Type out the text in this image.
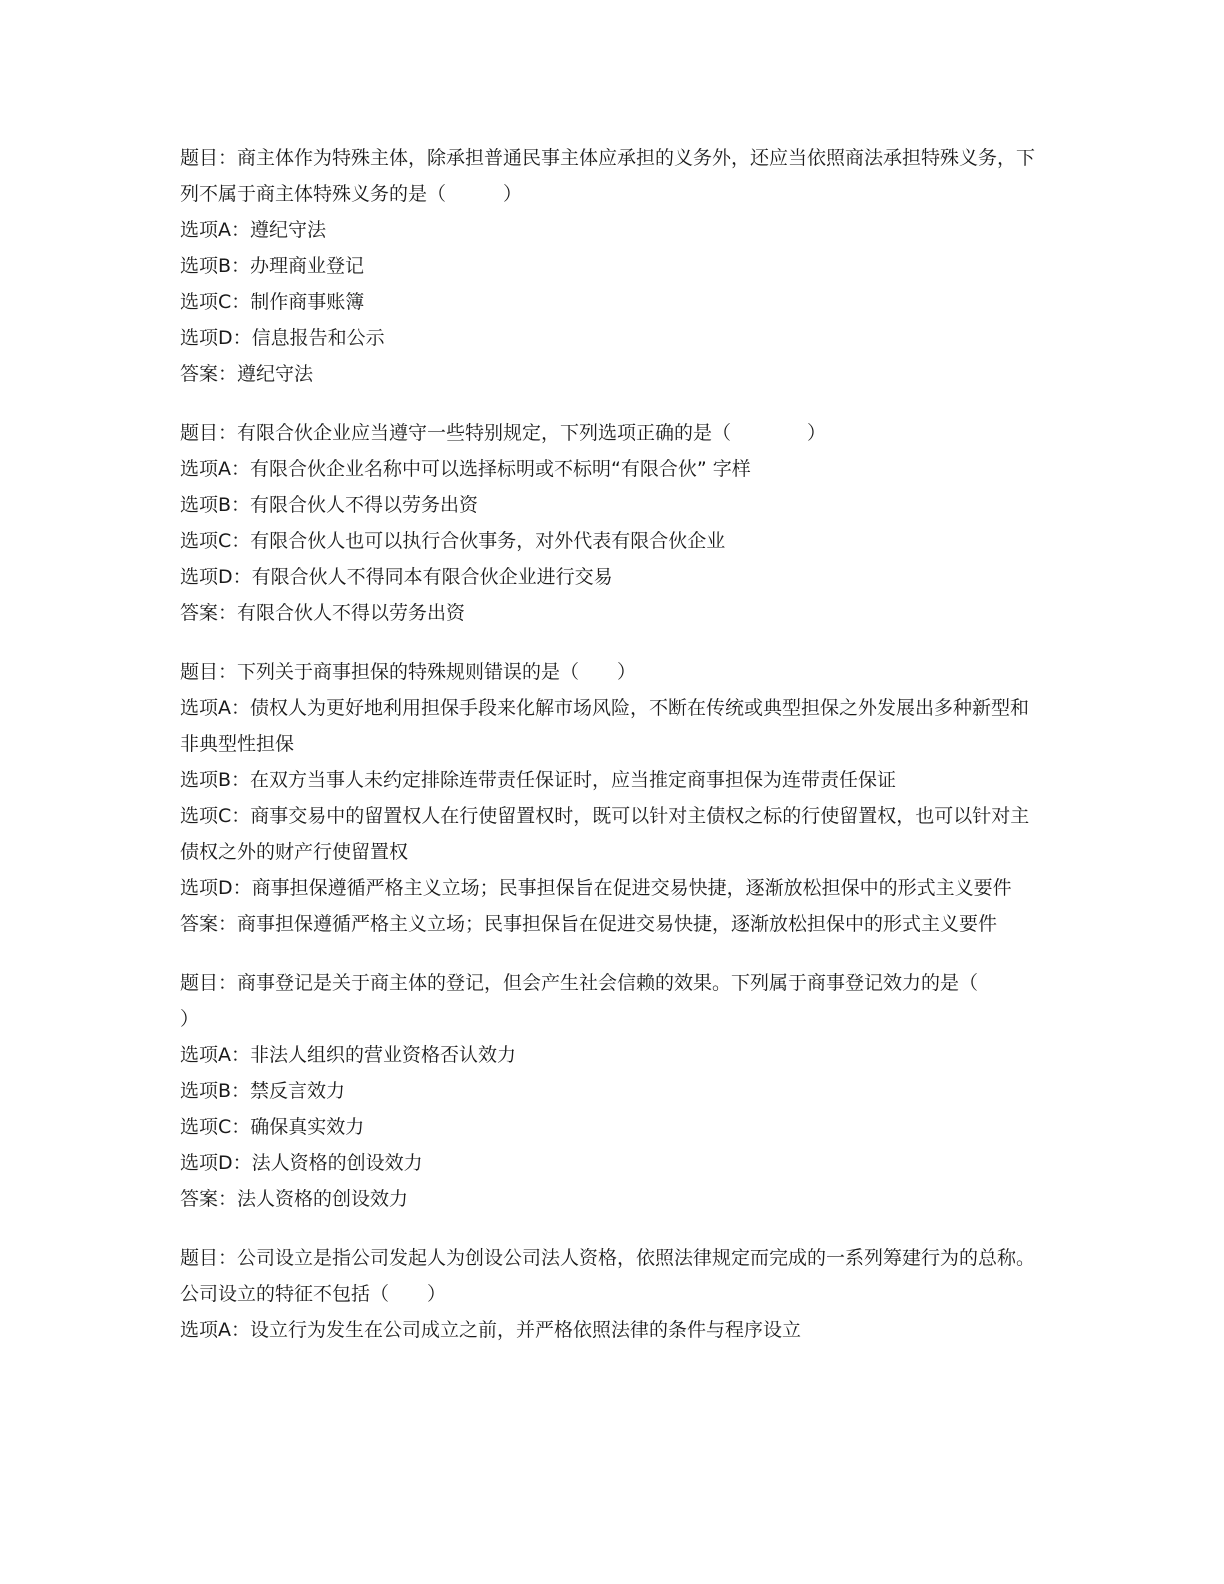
题目：商主体作为特殊主体，除承担普通民事主体应承担的义务外，还应当依照商法承担特殊义务，下列不属于商主体特殊义务的是（　　　）

选项A：遵纪守法

选项B：办理商业登记

选项C：制作商事账簿

选项D：信息报告和公示

答案：遵纪守法

题目：有限合伙企业应当遵守一些特别规定，下列选项正确的是（　　　　）

选项A：有限合伙企业名称中可以选择标明或不标明“有限合伙” 字样

选项B：有限合伙人不得以劳务出资

选项C：有限合伙人也可以执行合伙事务，对外代表有限合伙企业

选项D：有限合伙人不得同本有限合伙企业进行交易

答案：有限合伙人不得以劳务出资

题目：下列关于商事担保的特殊规则错误的是（　　）

选项A：债权人为更好地利用担保手段来化解市场风险，不断在传统或典型担保之外发展出多种新型和非典型性担保

选项B：在双方当事人未约定排除连带责任保证时，应当推定商事担保为连带责任保证

选项C：商事交易中的留置权人在行使留置权时，既可以针对主债权之标的行使留置权，也可以针对主债权之外的财产行使留置权

选项D：商事担保遵循严格主义立场；民事担保旨在促进交易快捷，逐渐放松担保中的形式主义要件

答案：商事担保遵循严格主义立场；民事担保旨在促进交易快捷，逐渐放松担保中的形式主义要件

题目：商事登记是关于商主体的登记，但会产生社会信赖的效果。下列属于商事登记效力的是（　　　）

选项A：非法人组织的营业资格否认效力

选项B：禁反言效力

选项C：确保真实效力

选项D：法人资格的创设效力

答案：法人资格的创设效力

题目：公司设立是指公司发起人为创设公司法人资格，依照法律规定而完成的一系列筹建行为的总称。公司设立的特征不包括（　　）

选项A：设立行为发生在公司成立之前，并严格依照法律的条件与程序设立
